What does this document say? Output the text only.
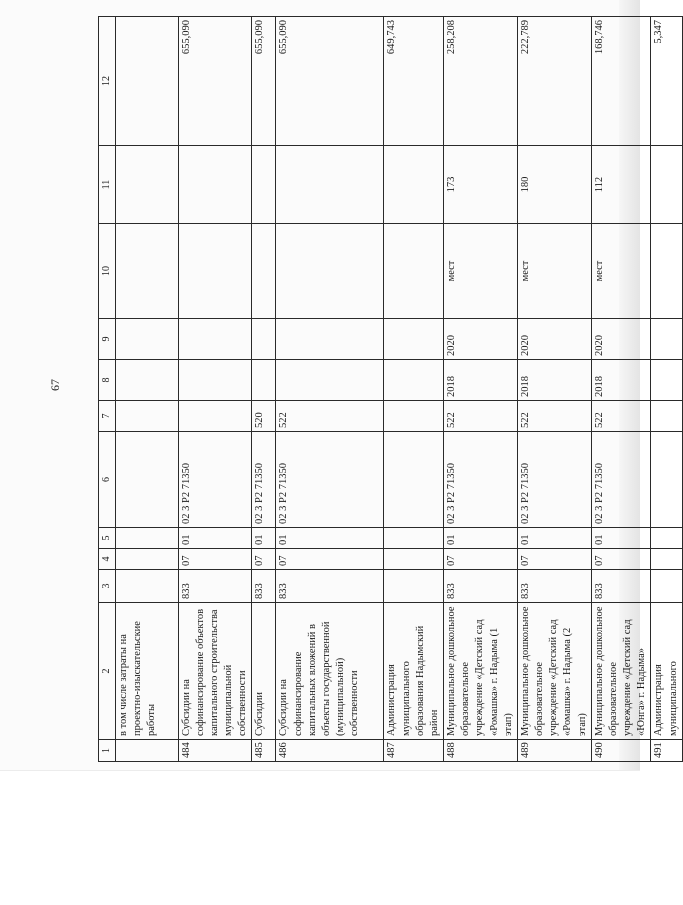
67
1	2	3	4	5	6	7	8	9	10	11	12
	в том числе затраты на проектно-изыскательские работы										
484	Субсидии на софинансирование объектов капитального строительства муниципальной собственности	833	07	01	02 3 Р2 71350						655,090
485	Субсидии	833	07	01	02 3 Р2 71350	520					655,090
486	Субсидии на софинансирование капитальных вложений в объекты государственной (муниципальной) собственности	833	07	01	02 3 Р2 71350	522					655,090
487	Администрация муниципального образования Надымский район										649,743
488	Муниципальное дошкольное образовательное учреждение «Детский сад «Ромашка» г. Надыма (1 этап)	833	07	01	02 3 Р2 71350	522	2018	2020	мест	173	258,208
489	Муниципальное дошкольное образовательное учреждение «Детский сад «Ромашка» г. Надыма (2 этап)	833	07	01	02 3 Р2 71350	522	2018	2020	мест	180	222,789
490	Муниципальное дошкольное образовательное учреждение «Детский сад «Юнга» г. Надыма»	833	07	01	02 3 Р2 71350	522	2018	2020	мест	112	168,746
491	Администрация муниципального										5,347
